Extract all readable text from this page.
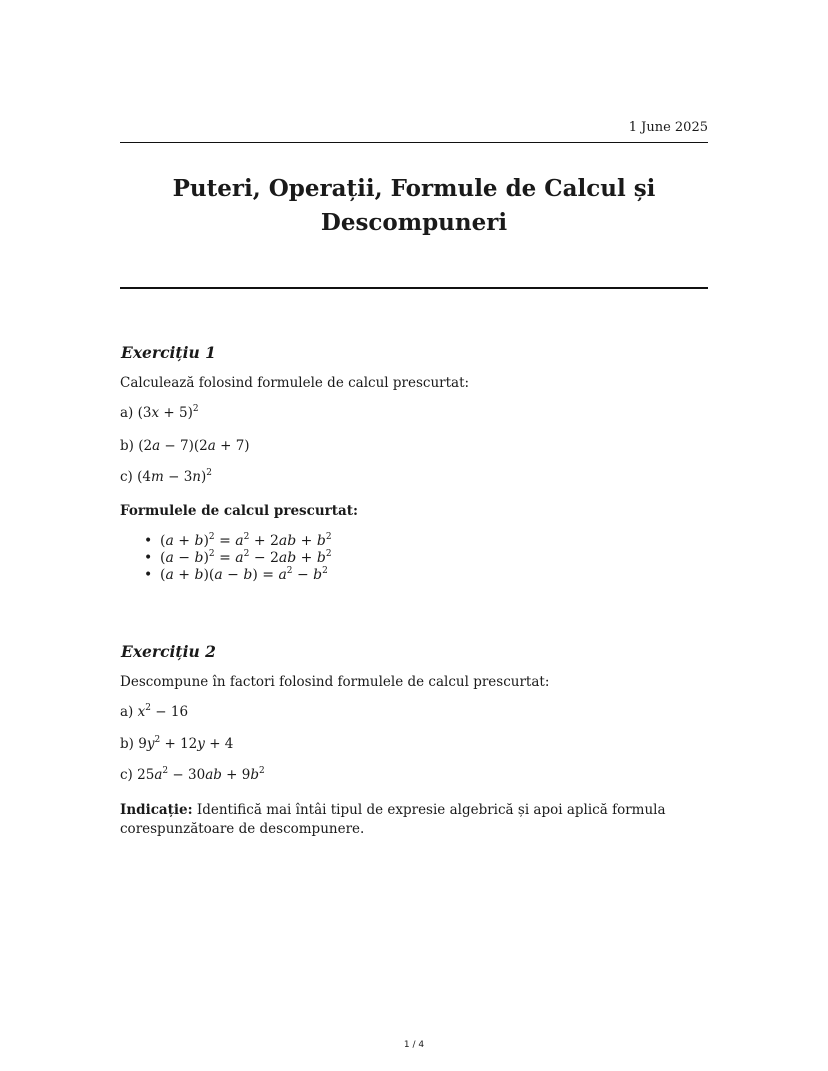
1 June 2025
Puteri, Operații, Formule de Calcul și Descompuneri
Exercițiu 1
Calculează folosind formulele de calcul prescurtat:
a) $(3x + 5)^2$
b) (2a − 7)(2a + 7)
c) $(4m - 3n)^2$
Formulele de calcul prescurtat:
• $(a + b)^2 = a^2 + 2ab + b^2$
• $(a - b)^2 = a^2 - 2ab + b^2$
• $(a + b)(a - b) = a^2 - b^2$
Exercițiu 2
Descompune în factori folosind formulele de calcul prescurtat:
a) $x^2 - 16$
b) $9y^2 + 12y + 4$
c) $25a^2 - 30ab + 9b^2$
Indicație: Identifică mai întâi tipul de expresie algebrică și apoi aplică formula corespunzătoare de descompunere.
1 / 4
